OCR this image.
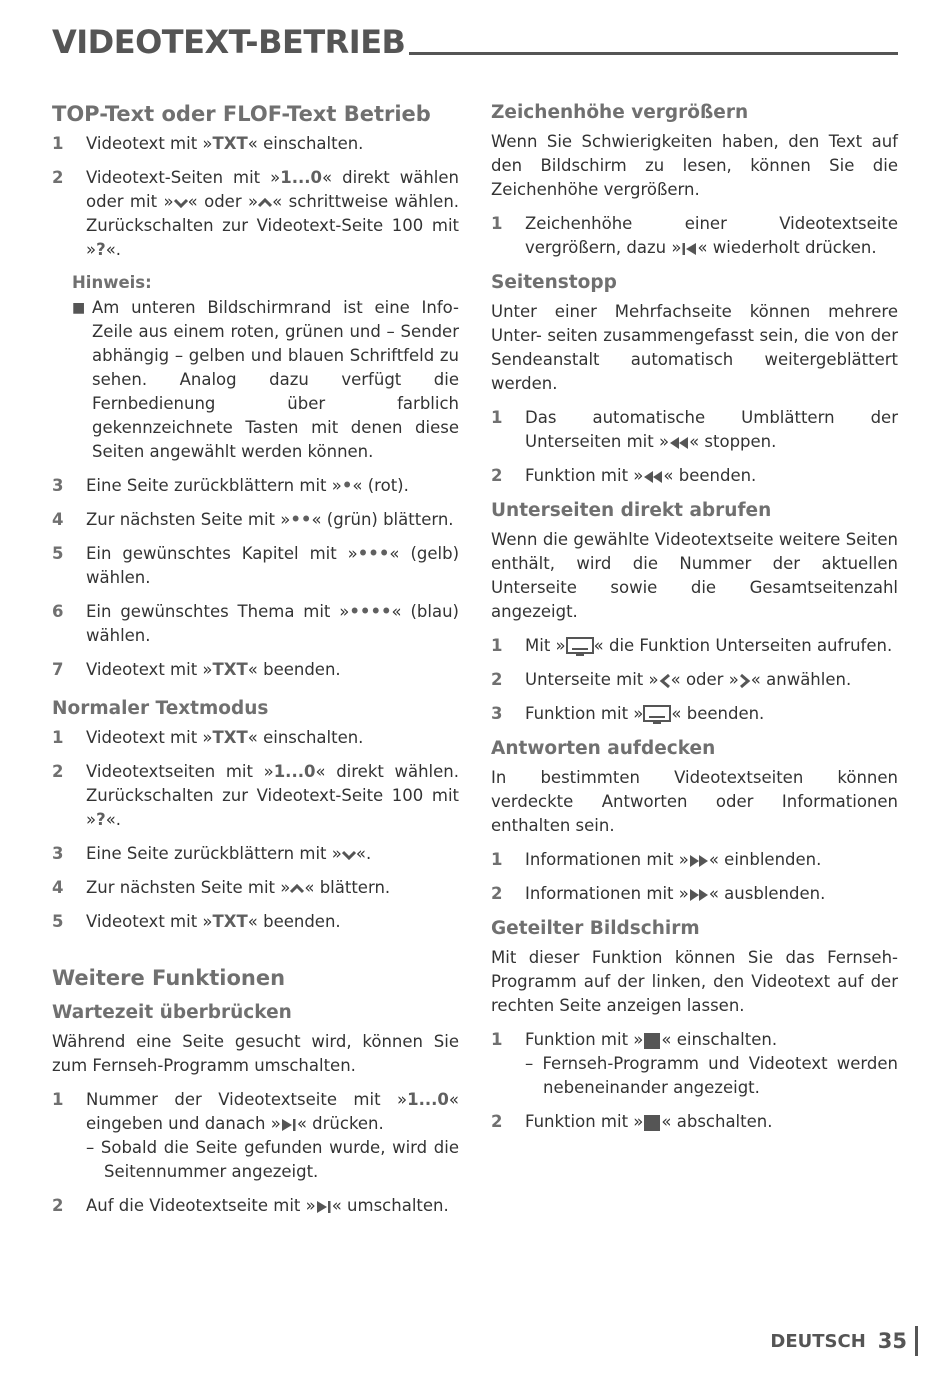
VIDEOTEXT-BETRIEB
TOP-Text oder FLOF-Text Betrieb
1	Videotext mit »TXT« einschalten.
2	Videotext-Seiten mit »1...0« direkt wählen oder mit » « oder » « schrittweise wählen. Zurückschalten zur Videotext-Seite 100 mit »?«.
Hinweis:
■ Am unteren Bildschirmrand ist eine Info-Zeile aus einem roten, grünen und – Sender abhängig – gelben und blauen Schriftfeld zu sehen. Analog dazu verfügt die Fernbedienung über farblich gekennzeichnete Tasten mit denen diese Seiten angewählt werden können.
3	Eine Seite zurückblättern mit »•« (rot).
4	Zur nächsten Seite mit »••« (grün) blättern.
5	Ein gewünschtes Kapitel mit »•••« (gelb) wählen.
6	Ein gewünschtes Thema mit »••••« (blau) wählen.
7	Videotext mit »TXT« beenden.
Normaler Textmodus
1	Videotext mit »TXT« einschalten.
2	Videotextseiten mit »1...0« direkt wählen. Zurückschalten zur Videotext-Seite 100 mit »?«.
3	Eine Seite zurückblättern mit » «.
4	Zur nächsten Seite mit » « blättern.
5	Videotext mit »TXT« beenden.
Weitere Funktionen
Wartezeit überbrücken

Während eine Seite gesucht wird, können Sie zum Fernseh-Programm umschalten.

1	Nummer der Videotextseite mit »1...0« eingeben und danach » « drücken.
– Sobald die Seite gefunden wurde, wird die Seitennummer angezeigt.
2	Auf die Videotextseite mit » « umschalten.
Zeichenhöhe vergrößern

Wenn Sie Schwierigkeiten haben, den Text auf den Bildschirm zu lesen, können Sie die Zeichenhöhe vergrößern.

1	Zeichenhöhe einer Videotextseite vergrößern, dazu » « wiederholt drücken.
Seitenstopp

Unter einer Mehrfachseite können mehrere Unter- seiten zusammengefasst sein, die von der Sendeanstalt automatisch weitergeblättert werden.

1	Das automatische Umblättern der Unterseiten mit » « stoppen.
2	Funktion mit » « beenden.
Unterseiten direkt abrufen

Wenn die gewählte Videotextseite weitere Seiten enthält, wird die Nummer der aktuellen Unterseite sowie die Gesamtseitenzahl angezeigt.

1	Mit » « die Funktion Unterseiten aufrufen.
2	Unterseite mit » « oder » « anwählen.
3	Funktion mit » « beenden.
Antworten aufdecken

In bestimmten Videotextseiten können verdeckte Antworten oder Informationen enthalten sein.

1	Informationen mit » « einblenden.
2	Informationen mit » « ausblenden.
Geteilter Bildschirm

Mit dieser Funktion können Sie das Fernseh-Programm auf der linken, den Videotext auf der rechten Seite anzeigen lassen.

1	Funktion mit » « einschalten.
– Fernseh-Programm und Videotext werden nebeneinander angezeigt.
2	Funktion mit » « abschalten.
DEUTSCH 35
